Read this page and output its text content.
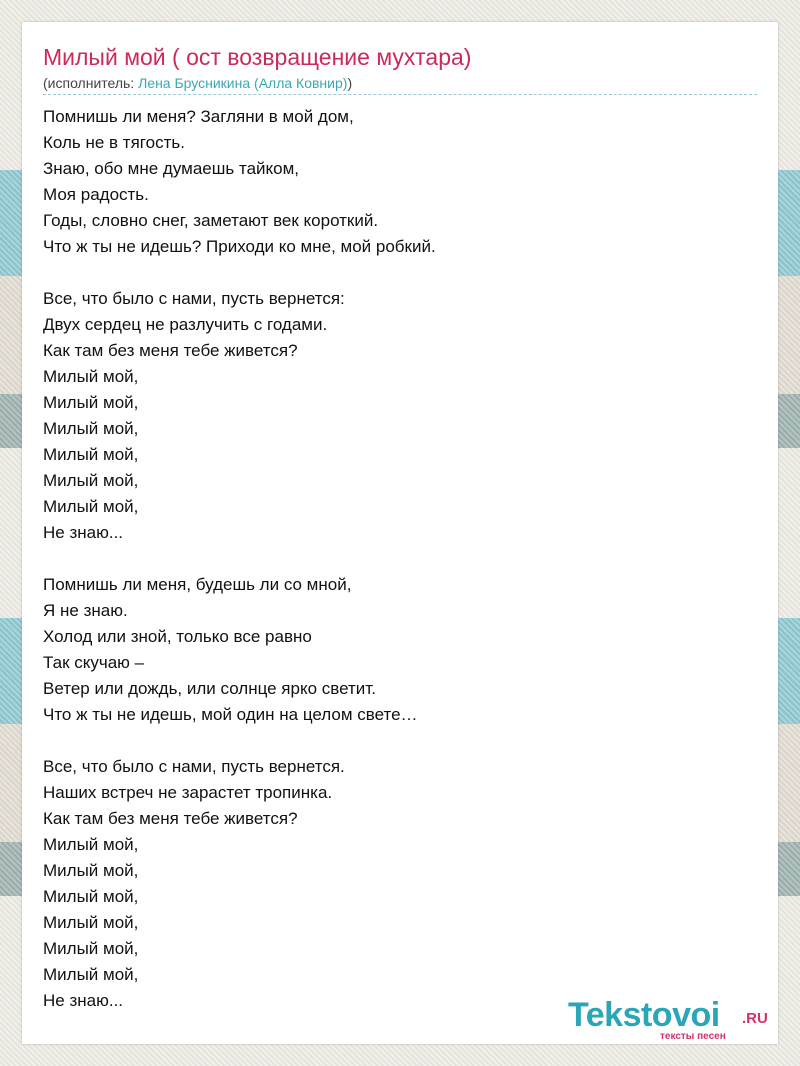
Милый мой ( ост возвращение мухтара)
(исполнитель: Лена Брусникина (Алла Ковнир))
Помнишь ли меня? Загляни в мой дом,
Коль не в тягость.
Знаю, обо мне думаешь тайком,
Моя радость.
Годы, словно снег, заметают век короткий.
Что ж ты не идешь? Приходи ко мне, мой робкий.
Все, что было с нами, пусть вернется:
Двух сердец не разлучить с годами.
Как там без меня тебе живется?
Милый мой,
Милый мой,
Милый мой,
Милый мой,
Милый мой,
Милый мой,
Не знаю...
Помнишь ли меня, будешь ли со мной,
Я не знаю.
Холод или зной, только все равно
Так скучаю –
Ветер или дождь, или солнце ярко светит.
Что ж ты не идешь, мой один на целом свете…
Все, что было с нами, пусть вернется.
Наших встреч не зарастет тропинка.
Как там без меня тебе живется?
Милый мой,
Милый мой,
Милый мой,
Милый мой,
Милый мой,
Милый мой,
Не знаю...	Tekstovoi .RU
тексты песен
